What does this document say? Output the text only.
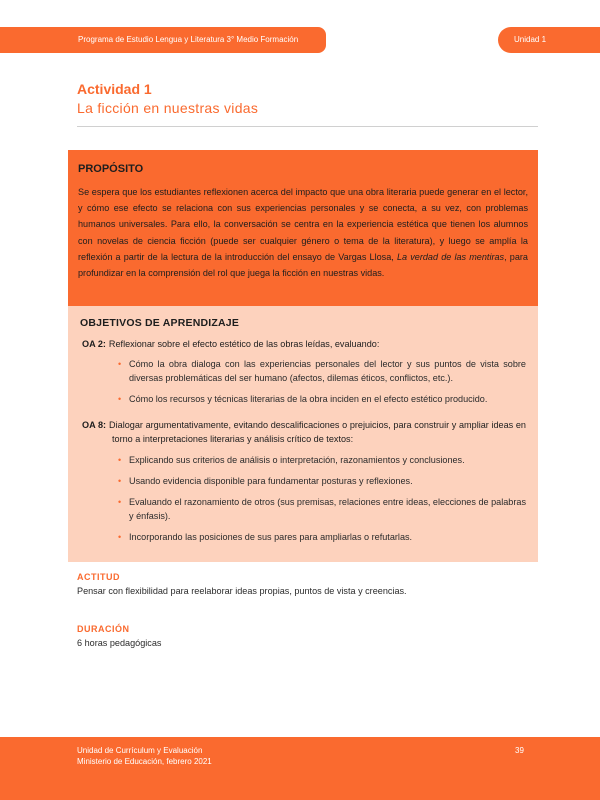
Programa de Estudio Lengua y Literatura 3° Medio Formación General
Unidad 1
Actividad 1
La ficción en nuestras vidas
PROPÓSITO

Se espera que los estudiantes reflexionen acerca del impacto que una obra literaria puede generar en el lector, y cómo ese efecto se relaciona con sus experiencias personales y se conecta, a su vez, con problemas humanos universales. Para ello, la conversación se centra en la experiencia estética que tienen los alumnos con novelas de ciencia ficción (puede ser cualquier género o tema de la literatura), y luego se amplía la reflexión a partir de la lectura de la introducción del ensayo de Vargas Llosa, La verdad de las mentiras, para profundizar en la comprensión del rol que juega la ficción en nuestras vidas.

OBJETIVOS DE APRENDIZAJE
OA 2: Reflexionar sobre el efecto estético de las obras leídas, evaluando:
• Cómo la obra dialoga con las experiencias personales del lector y sus puntos de vista sobre diversas problemáticas del ser humano (afectos, dilemas éticos, conflictos, etc.).
• Cómo los recursos y técnicas literarias de la obra inciden en el efecto estético producido.
OA 8: Dialogar argumentativamente, evitando descalificaciones o prejuicios, para construir y ampliar ideas en torno a interpretaciones literarias y análisis crítico de textos:
• Explicando sus criterios de análisis o interpretación, razonamientos y conclusiones.
• Usando evidencia disponible para fundamentar posturas y reflexiones.
• Evaluando el razonamiento de otros (sus premisas, relaciones entre ideas, elecciones de palabras y énfasis).
• Incorporando las posiciones de sus pares para ampliarlas o refutarlas.
ACTITUD
Pensar con flexibilidad para reelaborar ideas propias, puntos de vista y creencias.
DURACIÓN
6 horas pedagógicas
Unidad de Currículum y Evaluación
Ministerio de Educación, febrero 2021
39
